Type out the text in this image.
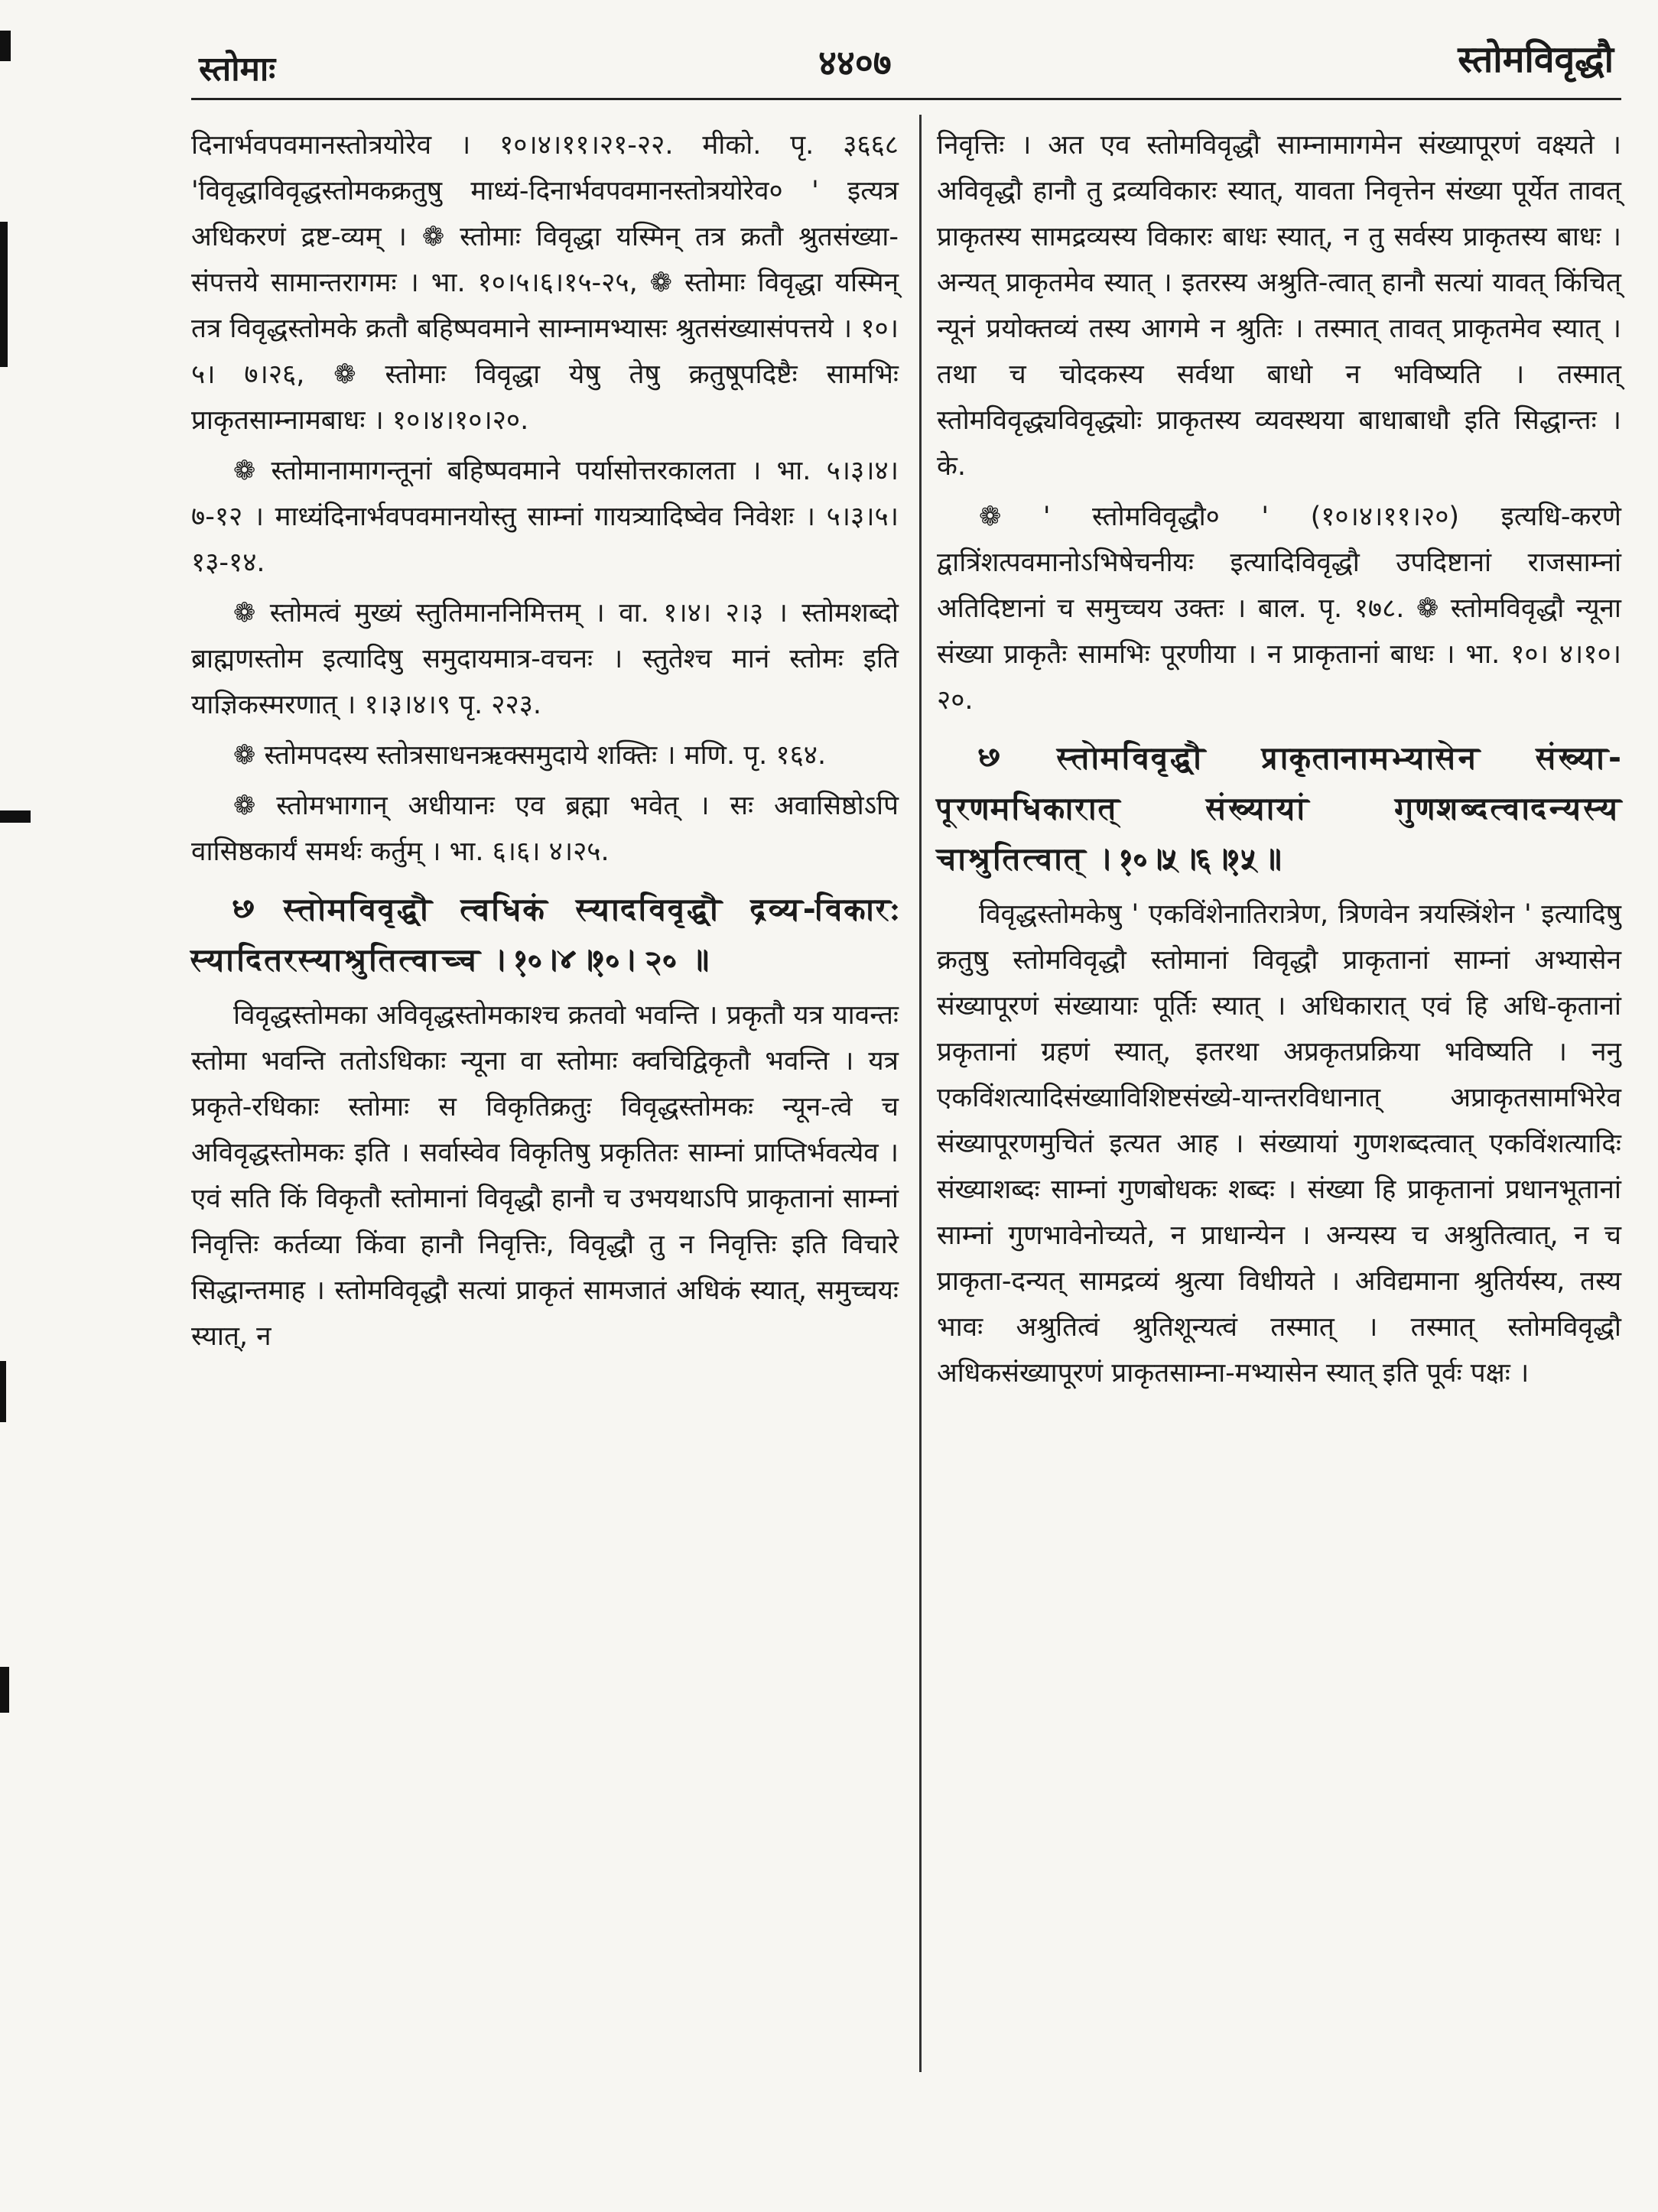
स्तोमाः	४४०७	स्तोमविवृद्धौ

दिनार्भवपवमानस्तोत्रयोरेव । १०।४।११।२१-२२. मीको. पृ. ३६६८ 'विवृद्धाविवृद्धस्तोमकक्रतुषु माध्यं-दिनार्भवपवमानस्तोत्रयोरेव० ' इत्यत्र अधिकरणं द्रष्ट-व्यम् । ❁ स्तोमाः विवृद्धा यस्मिन् तत्र क्रतौ श्रुतसंख्या-संपत्तये सामान्तरागमः । भा. १०।५।६।१५-२५, ❁ स्तोमाः विवृद्धा यस्मिन् तत्र विवृद्धस्तोमके क्रतौ बहिष्पवमाने साम्नामभ्यासः श्रुतसंख्यासंपत्तये । १०।५। ७।२६, ❁ स्तोमाः विवृद्धा येषु तेषु क्रतुषूपदिष्टैः सामभिः प्राकृतसाम्नामबाधः । १०।४।१०।२०.

❁ स्तोमानामागन्तूनां बहिष्पवमाने पर्यासोत्तरकालता । भा. ५।३।४।७-१२ । माध्यंदिनार्भवपवमानयोस्तु साम्नां गायत्र्यादिष्वेव निवेशः । ५।३।५।१३-१४.

❁ स्तोमत्वं मुख्यं स्तुतिमाननिमित्तम् । वा. १।४। २।३ । स्तोमशब्दो ब्राह्मणस्तोम इत्यादिषु समुदायमात्र-वचनः । स्तुतेश्च मानं स्तोमः इति याज्ञिकस्मरणात् । १।३।४।९ पृ. २२३.

❁ स्तोमपदस्य स्तोत्रसाधनऋक्समुदाये शक्तिः । मणि. पृ. १६४.

❁ स्तोमभागान् अधीयानः एव ब्रह्मा भवेत् । सः अवासिष्ठोऽपि वासिष्ठकार्यं समर्थः कर्तुम् । भा. ६।६। ४।२५.

꣸ स्तोमविवृद्धौ त्वधिकं स्यादविवृद्धौ द्रव्य-विकारः स्यादितरस्याश्रुतित्वाच्च । १०।४।१०। २० ॥

विवृद्धस्तोमका अविवृद्धस्तोमकाश्च क्रतवो भवन्ति । प्रकृतौ यत्र यावन्तः स्तोमा भवन्ति ततोऽधिकाः न्यूना वा स्तोमाः क्वचिद्विकृतौ भवन्ति । यत्र प्रकृते-रधिकाः स्तोमाः स विकृतिक्रतुः विवृद्धस्तोमकः न्यून-त्वे च अविवृद्धस्तोमकः इति । सर्वास्वेव विकृतिषु प्रकृतितः साम्नां प्राप्तिर्भवत्येव । एवं सति किं विकृतौ स्तोमानां विवृद्धौ हानौ च उभयथाऽपि प्राकृतानां साम्नां निवृत्तिः कर्तव्या किंवा हानौ निवृत्तिः, विवृद्धौ तु न निवृत्तिः इति विचारे सिद्धान्तमाह । स्तोमविवृद्धौ सत्यां प्राकृतं सामजातं अधिकं स्यात्, समुच्चयः स्यात्, न

निवृत्तिः । अत एव स्तोमविवृद्धौ साम्नामागमेन संख्यापूरणं वक्ष्यते । अविवृद्धौ हानौ तु द्रव्यविकारः स्यात्, यावता निवृत्तेन संख्या पूर्येत तावत् प्राकृतस्य सामद्रव्यस्य विकारः बाधः स्यात्, न तु सर्वस्य प्राकृतस्य बाधः । अन्यत् प्राकृतमेव स्यात् । इतरस्य अश्रुति-त्वात् हानौ सत्यां यावत् किंचित् न्यूनं प्रयोक्तव्यं तस्य आगमे न श्रुतिः । तस्मात् तावत् प्राकृतमेव स्यात् । तथा च चोदकस्य सर्वथा बाधो न भविष्यति । तस्मात् स्तोमविवृद्ध्यविवृद्ध्योः प्राकृतस्य व्यवस्थया बाधाबाधौ इति सिद्धान्तः । के.

❁ ' स्तोमविवृद्धौ० ' (१०।४।११।२०) इत्यधि-करणे द्वात्रिंशत्पवमानोऽभिषेचनीयः इत्यादिविवृद्धौ उपदिष्टानां राजसाम्नां अतिदिष्टानां च समुच्चय उक्तः । बाल. पृ. १७८. ❁ स्तोमविवृद्धौ न्यूना संख्या प्राकृतैः सामभिः पूरणीया । न प्राकृतानां बाधः । भा. १०। ४।१०।२०.

꣸ स्तोमविवृद्धौ प्राकृतानामभ्यासेन संख्या-पूरणमधिकारात् संख्यायां गुणशब्दत्वादन्यस्य चाश्रुतित्वात् । १०।५।६।१५॥

विवृद्धस्तोमकेषु ' एकविंशेनातिरात्रेण, त्रिणवेन त्रयस्त्रिंशेन ' इत्यादिषु क्रतुषु स्तोमविवृद्धौ स्तोमानां विवृद्धौ प्राकृतानां साम्नां अभ्यासेन संख्यापूरणं संख्यायाः पूर्तिः स्यात् । अधिकारात् एवं हि अधि-कृतानां प्रकृतानां ग्रहणं स्यात्, इतरथा अप्रकृतप्रक्रिया भविष्यति । ननु एकविंशत्यादिसंख्याविशिष्टसंख्ये-यान्तरविधानात् अप्राकृतसामभिरेव संख्यापूरणमुचितं इत्यत आह । संख्यायां गुणशब्दत्वात् एकविंशत्यादिः संख्याशब्दः साम्नां गुणबोधकः शब्दः । संख्या हि प्राकृतानां प्रधानभूतानां साम्नां गुणभावेनोच्यते, न प्राधान्येन । अन्यस्य च अश्रुतित्वात्, न च प्राकृता-दन्यत् सामद्रव्यं श्रुत्या विधीयते । अविद्यमाना श्रुतिर्यस्य, तस्य भावः अश्रुतित्वं श्रुतिशून्यत्वं तस्मात् । तस्मात् स्तोमविवृद्धौ अधिकसंख्यापूरणं प्राकृतसाम्ना-मभ्यासेन स्यात् इति पूर्वः पक्षः ।
